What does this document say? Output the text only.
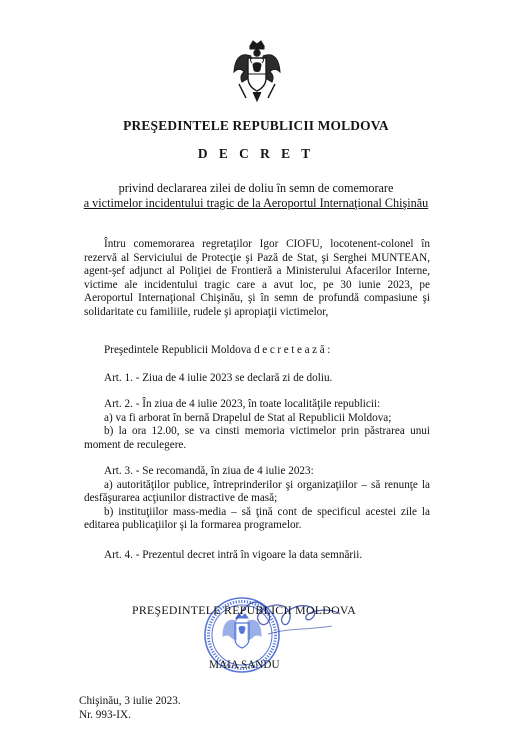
PREŞEDINTELE REPUBLICII MOLDOVA
D E C R E T
privind declararea zilei de doliu în semn de comemorare
a victimelor incidentului tragic de la Aeroportul Internaţional Chişinău

Întru comemorarea regretaţilor Igor CIOFU, locotenent-colonel în rezervă al Serviciului de Protecţie şi Pază de Stat, şi Serghei MUNTEAN, agent-şef adjunct al Poliţiei de Frontieră a Ministerului Afacerilor Interne, victime ale incidentului tragic care a avut loc, pe 30 iunie 2023, pe Aeroportul Internaţional Chişinău, şi în semn de profundă compasiune şi solidaritate cu familiile, rudele şi apropiaţii victimelor,

Preşedintele Republicii Moldova decretează:

Art. 1. - Ziua de 4 iulie 2023 se declară zi de doliu.

Art. 2. - În ziua de 4 iulie 2023, în toate localităţile republicii:

a) va fi arborat în bernă Drapelul de Stat al Republicii Moldova;

b) la ora 12.00, se va cinsti memoria victimelor prin păstrarea unui moment de reculegere.

Art. 3. - Se recomandă, în ziua de 4 iulie 2023:

a) autorităţilor publice, întreprinderilor şi organizaţiilor – să renunţe la desfăşurarea acţiunilor distractive de masă;

b) instituţiilor mass-media – să ţină cont de specificul acestei zile la editarea publicaţiilor şi la formarea programelor.

Art. 4. - Prezentul decret intră în vigoare la data semnării.

PREŞEDINTELE REPUBLICII MOLDOVA
MAIA SANDU
Chişinău, 3 iulie 2023.
Nr. 993-IX.
